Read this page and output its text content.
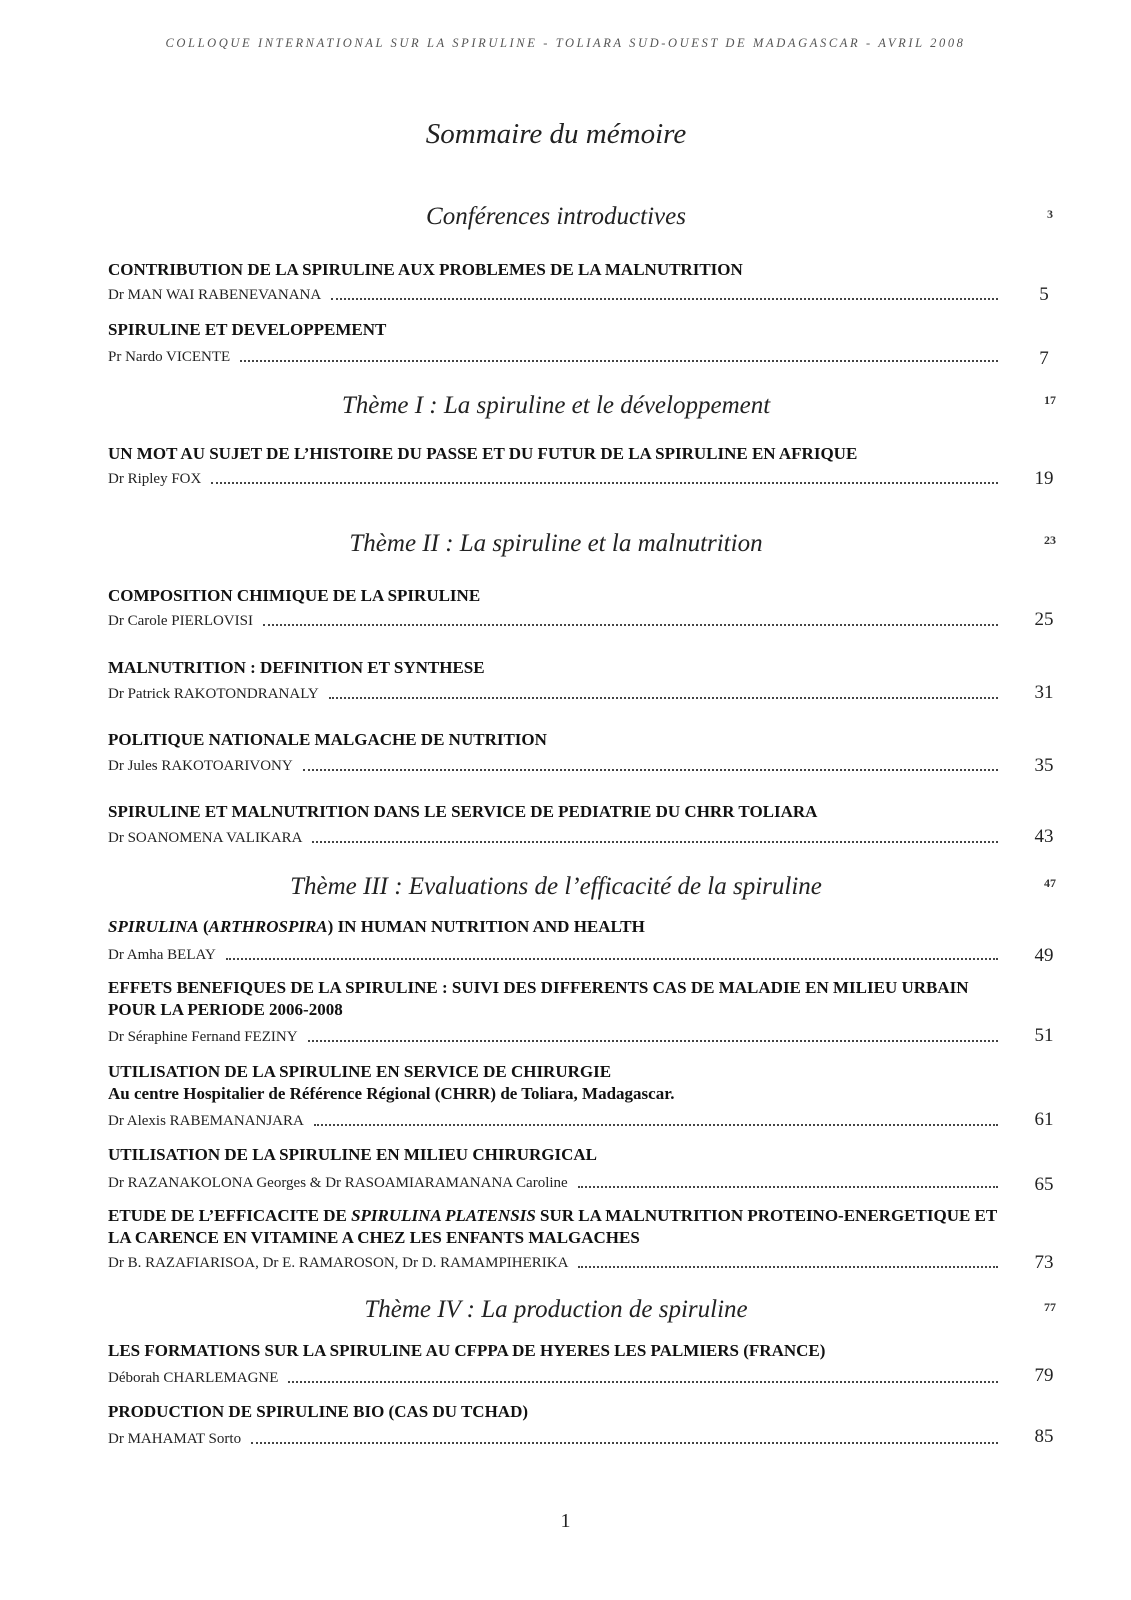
COLLOQUE INTERNATIONAL SUR LA SPIRULINE - TOLIARA SUD-OUEST DE MADAGASCAR - AVRIL 2008
Sommaire du mémoire
Conférences introductives	3
CONTRIBUTION DE LA SPIRULINE AUX PROBLEMES DE LA MALNUTRITION
Dr MAN WAI RABENEVANANA	5
SPIRULINE ET DEVELOPPEMENT
Pr Nardo VICENTE	7
Thème I : La spiruline et le développement	17
UN MOT AU SUJET DE L’HISTOIRE DU PASSE ET DU FUTUR DE LA SPIRULINE EN AFRIQUE
Dr Ripley FOX	19
Thème II : La spiruline et la malnutrition	23
COMPOSITION CHIMIQUE DE LA SPIRULINE
Dr Carole PIERLOVISI	25
MALNUTRITION : DEFINITION ET SYNTHESE
Dr Patrick RAKOTONDRANALY	31
POLITIQUE NATIONALE MALGACHE DE NUTRITION
Dr Jules RAKOTOARIVONY	35
SPIRULINE ET MALNUTRITION DANS LE SERVICE DE PEDIATRIE DU CHRR TOLIARA
Dr SOANOMENA VALIKARA	43
Thème III : Evaluations de l’efficacité de la spiruline	47
SPIRULINA (ARTHROSPIRA) IN HUMAN NUTRITION AND HEALTH
Dr Amha BELAY	49
EFFETS BENEFIQUES DE LA SPIRULINE : SUIVI DES DIFFERENTS CAS DE MALADIE EN MILIEU URBAIN POUR LA PERIODE 2006-2008
Dr Séraphine Fernand FEZINY	51
UTILISATION DE LA SPIRULINE EN SERVICE DE CHIRURGIE
Au centre Hospitalier de Référence Régional (CHRR) de Toliara, Madagascar.
Dr Alexis RABEMANANJARA	61
UTILISATION DE LA SPIRULINE EN MILIEU CHIRURGICAL
Dr RAZANAKOLONA Georges & Dr RASOAMIARAMANANA Caroline	65
ETUDE DE L’EFFICACITE DE SPIRULINA PLATENSIS SUR LA MALNUTRITION PROTEINO-ENERGETIQUE ET LA CARENCE EN VITAMINE A CHEZ LES ENFANTS MALGACHES
Dr B. RAZAFIARISOA, Dr E. RAMAROSON, Dr D. RAMAMPIHERIKA	73
Thème IV : La production de spiruline	77
LES FORMATIONS SUR LA SPIRULINE AU CFPPA DE HYERES LES PALMIERS (FRANCE)
Déborah CHARLEMAGNE	79
PRODUCTION DE SPIRULINE BIO (CAS DU TCHAD)
Dr MAHAMAT Sorto	85
1
